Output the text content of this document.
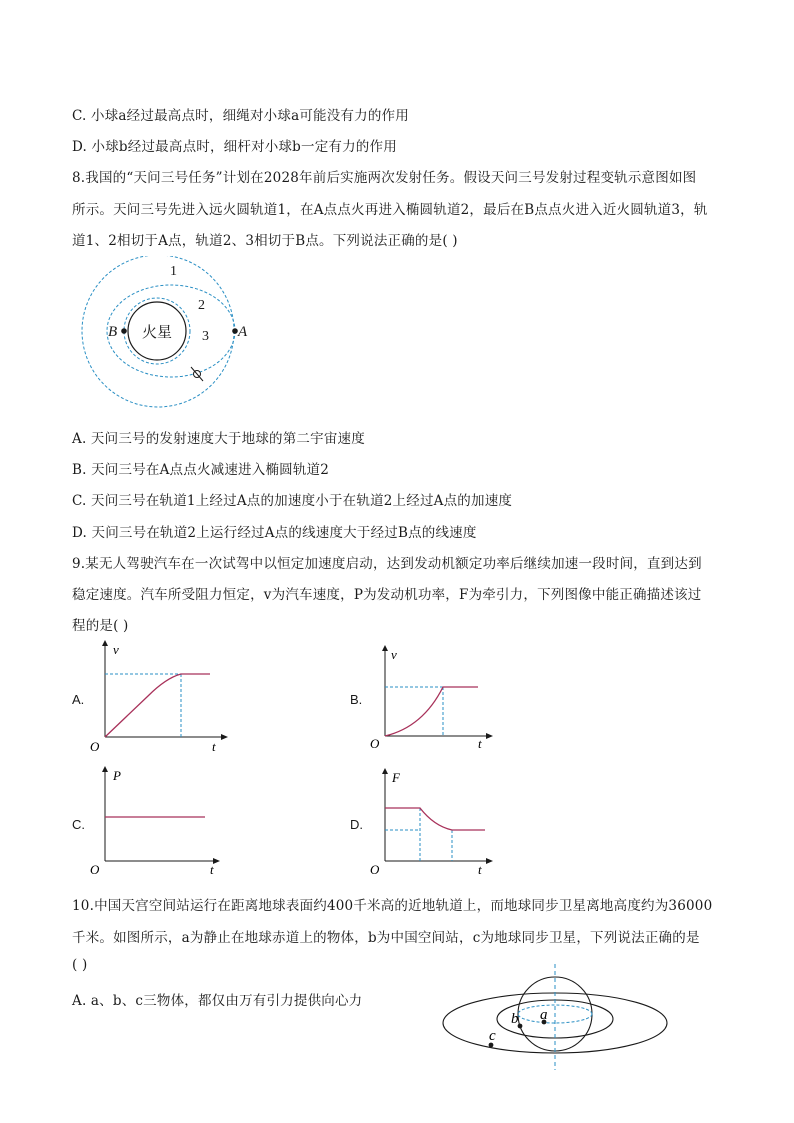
C. 小球a经过最高点时，细绳对小球a可能没有力的作用
D. 小球b经过最高点时，细杆对小球b一定有力的作用
8.我国的“天问三号任务”计划在2028年前后实施两次发射任务。假设天问三号发射过程变轨示意图如图
所示。天问三号先进入远火圆轨道1，在A点点火再进入椭圆轨道2，最后在B点点火进入近火圆轨道3，轨
道1、2相切于A点，轨道2、3相切于B点。下列说法正确的是( )
火星	A
B
1
2
3
A. 天问三号的发射速度大于地球的第二宇宙速度
B. 天问三号在A点点火减速进入椭圆轨道2
C. 天问三号在轨道1上经过A点的加速度小于在轨道2上经过A点的加速度
D. 天问三号在轨道2上运行经过A点的线速度大于经过B点的线速度
9.某无人驾驶汽车在一次试驾中以恒定加速度启动，达到发动机额定功率后继续加速一段时间，直到达到
稳定速度。汽车所受阻力恒定，v为汽车速度，P为发动机功率，F为牵引力，下列图像中能正确描述该过
程的是( )
A.
v
t
O
B.
v
t
O
C.
P
t
O
D.
F
t
O
10.中国天宫空间站运行在距离地球表面约400千米高的近地轨道上，而地球同步卫星离地高度约为36000
千米。如图所示，a为静止在地球赤道上的物体，b为中国空间站，c为地球同步卫星，下列说法正确的是
( )
A. a、b、c三物体，都仅由万有引力提供向心力
a
b
c
